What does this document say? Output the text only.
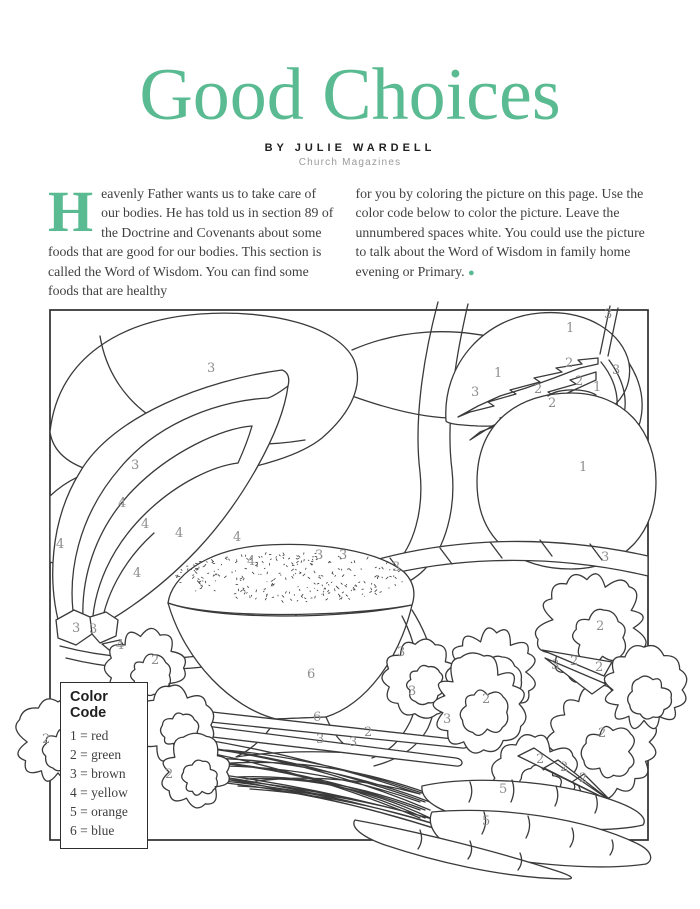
Good Choices
BY JULIE WARDELL
Church Magazines
Heavenly Father wants us to take care of our bodies. He has told us in section 89 of the Doctrine and Covenants about some foods that are good for our bodies. This section is called the Word of Wisdom. You can find some foods that are healthy
for you by coloring the picture on this page. Use the color code below to color the picture. Leave the unnumbered spaces white. You could use the picture to talk about the Word of Wisdom in family home evening or Primary. ●
3
3
3 3
3
3
3
1
1
1
1
3
3
2
2
2
2
4
4
4
4	4
4
4
4
3 3
6
6
3
3
3
3 3
2
3 2 2
2
2
2
2
2
2
2
2
2
5
5
Color Code
1 = red
2 = green
3 = brown
4 = yellow
5 = orange
6 = blue
